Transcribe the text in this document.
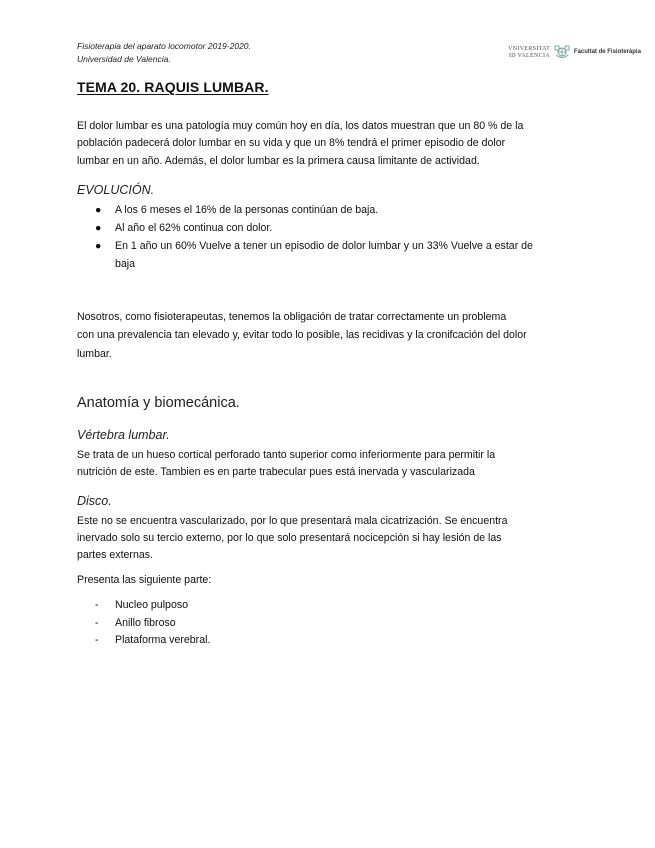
Fisioterapia del aparato locomotor 2019-2020.
Universidad de Valencia.
VNIVERSITAT
ID VALÈNCIA	Facultat de Fisioteràpia
TEMA 20. RAQUIS LUMBAR.
El dolor lumbar es una patología muy común hoy en día, los datos muestran que un 80 % de la
población padecerá dolor lumbar en su vida y que un 8% tendrá el primer episodio de dolor
lumbar en un año. Además, el dolor lumbar es la primera causa limitante de actividad.
EVOLUCIÓN.
● A los 6 meses el 16% de la personas continúan de baja.
● Al año el 62% continua con dolor.
● En 1 año un 60% Vuelve a tener un episodio de dolor lumbar y un 33% Vuelve a estar de
baja
Nosotros, como fisioterapeutas, tenemos la obligación de tratar correctamente un problema
con una prevalencia tan elevado y, evitar todo lo posible, las recidivas y la cronifcación del dolor
lumbar.
Anatomía y biomecánica.
Vértebra lumbar.
Se trata de un hueso cortical perforado tanto superior como inferiormente para permitir la
nutrición de este. Tambien es en parte trabecular pues está inervada y vascularizada
Disco.
Este no se encuentra vascularizado, por lo que presentará mala cicatrización. Se encuentra
inervado solo su tercio externo, por lo que solo presentará nocicepción si hay lesión de las
partes externas.
Presenta las siguiente parte:
- Nucleo pulposo
- Anillo fibroso
- Plataforma verebral.
